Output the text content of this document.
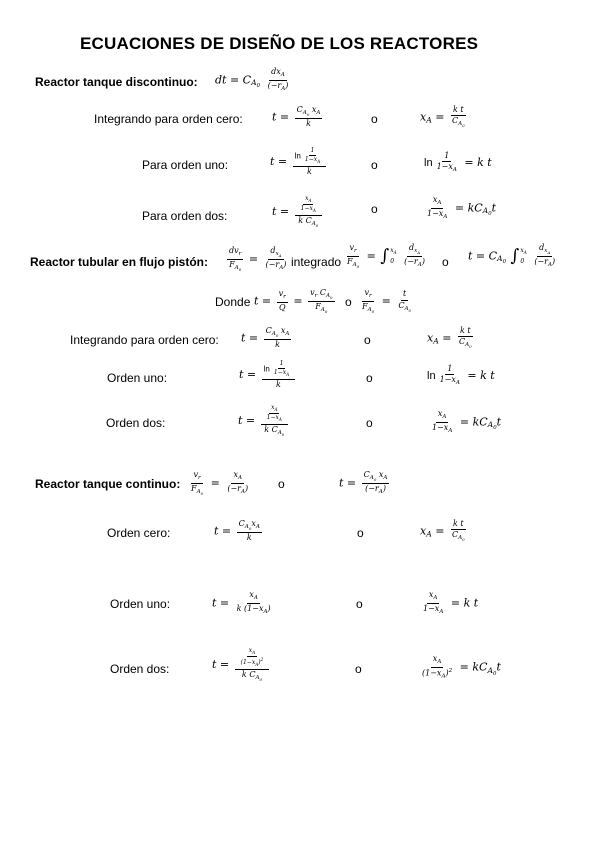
ECUACIONES DE DISEÑO DE LOS REACTORES
Reactor tanque discontinuo: dt = $C_{A_0}$
$dx_A$
$(-r_A)$
Integrando para orden cero:	$t = \frac{C_{A_0} x_A}{k}$	o	$x_A = \frac{\text{k t}}{C_{A_0}}$
Para orden uno:	$t = \frac{\ln \frac{1}{1-x_A}}{k}$	o	$\ln \frac{1}{1-x_A} = k$ t
Para orden dos:	$t = \frac{\frac{x_A}{1-x_A}}{k C_{A_0}}$	o	$\frac{x_A}{1-x_A} = kC_{A_0}t$
Reactor tubular en flujo pistón:
$dv_r$
$F_{A_0}$
=
$d_{x_A}$
$(-r_A)$ integrado $\frac{v_r}{F_{A_0}}$ = ∫ $x_A$
0

$d_{x_A}$
$(-r_A)$ o $t = C_{A_0}$ ∫ $x_A$
0

$d_{x_A}$
$(-r_A)$
Donde $t = \frac{v_r}{Q} = \frac{v_r C_{A_0}}{F_{A_0}}$ o $\frac{v_r}{F_{A_0}} = \frac{t}{C_{A_0}}$
Integrando para orden cero: $t = \frac{C_{A_0} x_A}{k}$	o	$x_A = \frac{\text{k t}}{C_{A_0}}$
Orden uno:	$t = \frac{\ln \frac{1}{1-x_A}}{k}$	o	$\ln \frac{1}{1-x_A} = k$ t
Orden dos:	$t = \frac{\frac{x_A}{1-x_A}}{k C_{A_0}}$	o	$\frac{x_A}{1-x_A} = kC_{A_0}t$
Reactor tanque continuo: $\frac{v_r}{F_{A_0}} = \frac{x_A}{(-r_A)}$ o	$t = \frac{C_{A_0} x_A}{(-r_A)}$
Orden cero:	$t = \frac{C_{A_0}x_A}{k}$	o	$x_A = \frac{\text{k t}}{C_{A_0}}$
Orden uno:	$t = \frac{x_A}{k (1-x_A)}$	o	$\frac{x_A}{1-x_A} = k$ t
Orden dos:	$t = \frac{\frac{x_A}{(1-x_A)^2}}{k C_{A_0}}$	o	$\frac{x_A}{(1-x_A)^2} = kC_{A_0}t$
